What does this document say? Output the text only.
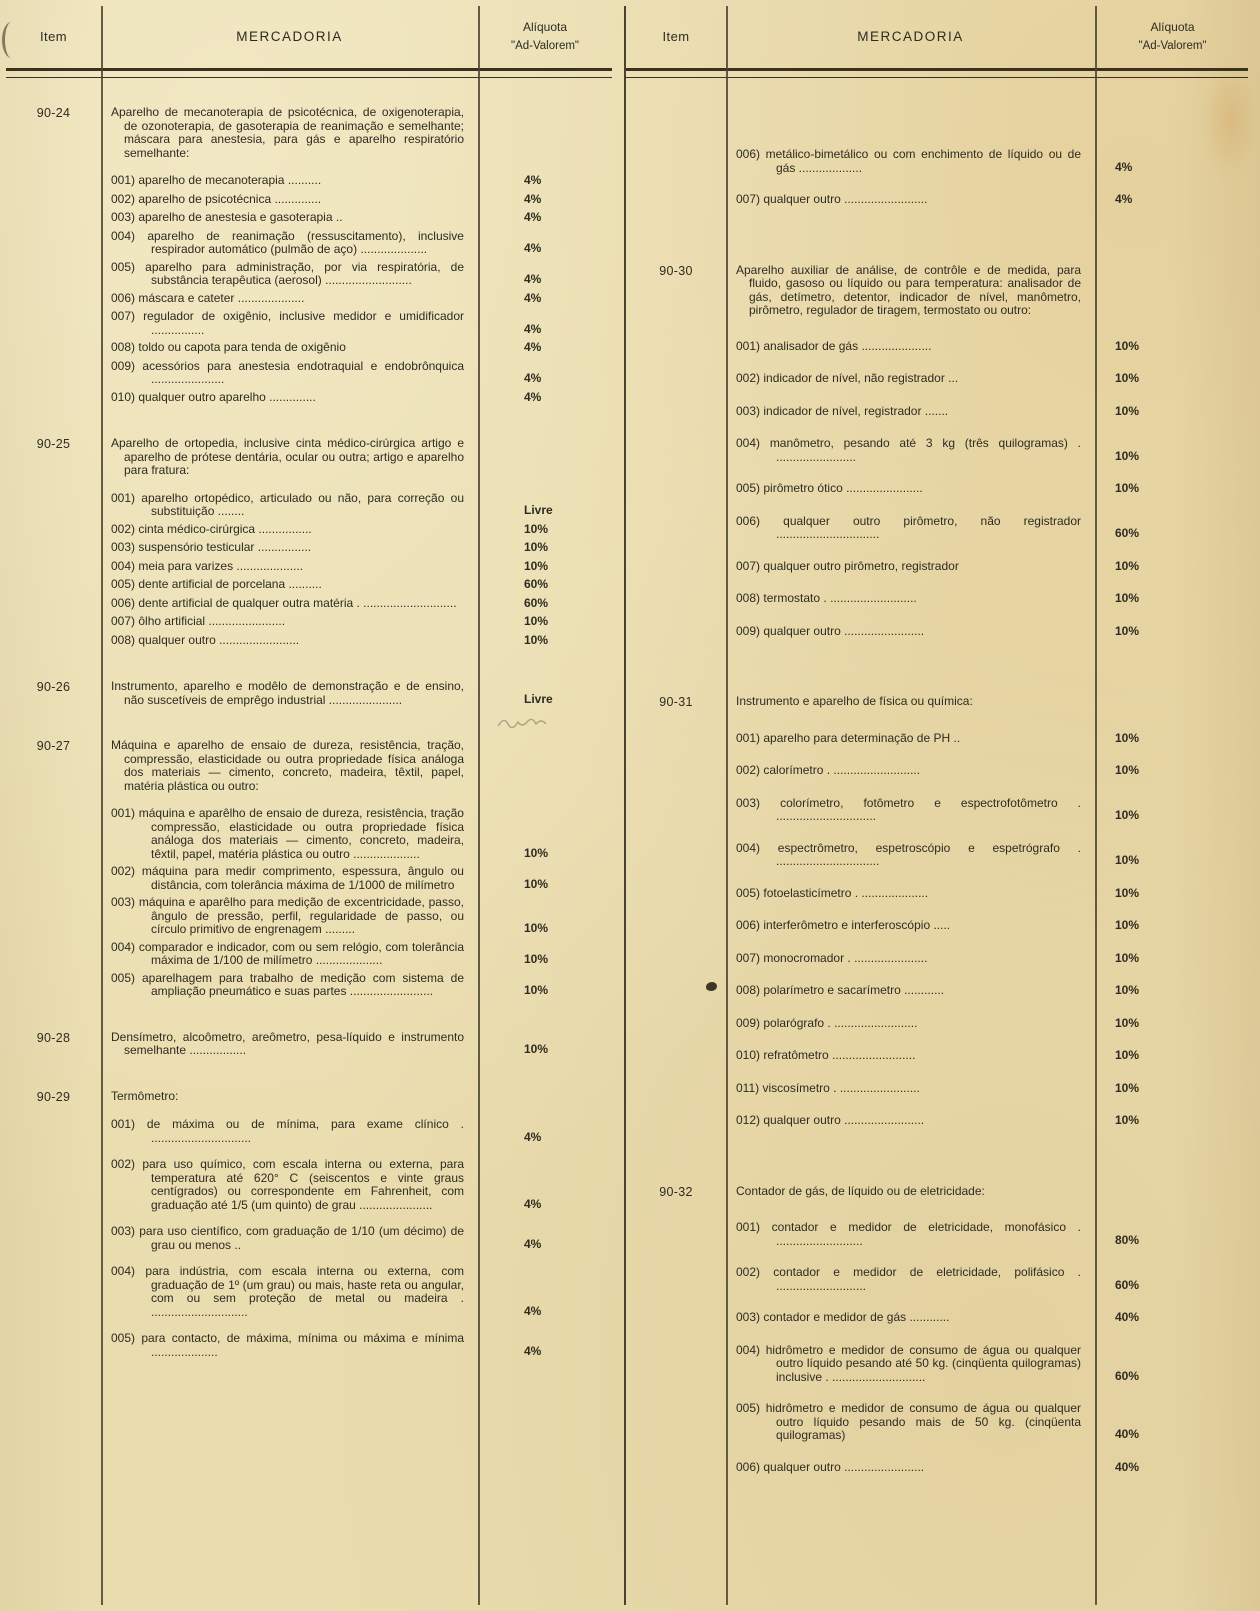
Item	MERCADORIA
Alíquota
"Ad-Valorem"
90-24	Aparelho de mecanoterapia de psicotécnica, de oxigenoterapia, de ozonoterapia, de gasoterapia de reanimação e semelhante; máscara para anestesia, para gás e aparelho respiratório semelhante:

001) aparelho de mecanoterapia ..........	4%

002) aparelho de psicotécnica ..............	4%

003) aparelho de anestesia e gasoterapia ..	4%

004) aparelho de reanimação (ressuscitamento), inclusive respirador automático (pulmão de aço) ....................	4%

005) aparelho para administração, por via respiratória, de substância terapêutica (aerosol) ..........................	4%

006) máscara e cateter ....................	4%

007) regulador de oxigênio, inclusive medidor e umidificador ................	4%

008) toldo ou capota para tenda de oxigênio	4%

009) acessórios para anestesia endotraquial e endobrônquica ......................	4%

010) qualquer outro aparelho ..............	4%
90-25	Aparelho de ortopedia, inclusive cinta médico-cirúrgica artigo e aparelho de prótese dentária, ocular ou outra; artigo e aparelho para fratura:

001) aparelho ortopédico, articulado ou não, para correção ou substituição ........	Livre

002) cinta médico-cirúrgica ................	10%

003) suspensório testicular ................	10%

004) meia para varizes ....................	10%

005) dente artificial de porcelana ..........	60%

006) dente artificial de qualquer outra matéria . ............................	60%

007) ôlho artificial .......................	10%

008) qualquer outro ........................	10%
90-26	Instrumento, aparelho e modêlo de demonstração e de ensino, não suscetíveis de emprêgo industrial ......................	Livre
90-27	Máquina e aparelho de ensaio de dureza, resistência, tração, compressão, elasticidade ou outra propriedade física análoga dos materiais — cimento, concreto, madeira, têxtil, papel, matéria plástica ou outro:

001) máquina e aparêlho de ensaio de dureza, resistência, tração compressão, elasticidade ou outra propriedade física análoga dos materiais — cimento, concreto, madeira, têxtil, papel, matéria plástica ou outro ....................	10%

002) máquina para medir comprimento, espessura, ângulo ou distância, com tolerância máxima de 1/1000 de milímetro	10%

003) máquina e aparêlho para medição de excentricidade, passo, ângulo de pressão, perfil, regularidade de passo, ou círculo primitivo de engrenagem .........	10%

004) comparador e indicador, com ou sem relógio, com tolerância máxima de 1/100 de milímetro ....................	10%

005) aparelhagem para trabalho de medição com sistema de ampliação pneumático e suas partes .........................	10%
90-28	Densímetro, alcoômetro, areômetro, pesa-líquido e instrumento semelhante .................	10%
90-29	Termômetro:

001) de máxima ou de mínima, para exame clínico . ..............................	4%

002) para uso químico, com escala interna ou externa, para temperatura até 620° C (seiscentos e vinte graus centígrados) ou correspondente em Fahrenheit, com graduação até 1/5 (um quinto) de grau ......................	4%

003) para uso científico, com graduação de 1/10 (um décimo) de grau ou menos ..	4%

004) para indústria, com escala interna ou externa, com graduação de 1º (um grau) ou mais, haste reta ou angular, com ou sem proteção de metal ou madeira . .............................	4%

005) para contacto, de máxima, mínima ou máxima e mínima ....................	4%
Item	MERCADORIA
Alíquota
"Ad-Valorem"

006) metálico-bimetálico ou com enchimento de líquido ou de gás ...................	4%

007) qualquer outro .........................	4%
90-30	Aparelho auxiliar de análise, de contrôle e de medida, para fluido, gasoso ou líquido ou para temperatura: analisador de gás, detímetro, detentor, indicador de nível, manômetro, pirômetro, regulador de tiragem, termostato ou outro:

001) analisador de gás .....................	10%

002) indicador de nível, não registrador ...	10%

003) indicador de nível, registrador .......	10%

004) manômetro, pesando até 3 kg (três quilogramas) . ........................	10%

005) pirômetro ótico .......................	10%

006) qualquer outro pirômetro, não registrador ...............................	60%

007) qualquer outro pirômetro, registrador	10%

008) termostato . ..........................	10%

009) qualquer outro ........................	10%
90-31	Instrumento e aparelho de física ou química:

001) aparelho para determinação de PH ..	10%

002) calorímetro . ..........................	10%

003) colorímetro, fotômetro e espectrofotômetro . ..............................	10%

004) espectrômetro, espetroscópio e espetrógrafo . ...............................	10%

005) fotoelasticímetro . ....................	10%

006) interferômetro e interferoscópio .....	10%

007) monocromador . ......................	10%

008) polarímetro e sacarímetro ............	10%

009) polarógrafo . .........................	10%

010) refratômetro .........................	10%

011) viscosímetro . ........................	10%

012) qualquer outro ........................	10%
90-32	Contador de gás, de líquido ou de eletricidade:

001) contador e medidor de eletricidade, monofásico . ..........................	80%

002) contador e medidor de eletricidade, polifásico . ...........................	60%

003) contador e medidor de gás ............	40%

004) hidrômetro e medidor de consumo de água ou qualquer outro líquido pesando até 50 kg. (cinqüenta quilogramas) inclusive . ............................	60%

005) hidrômetro e medidor de consumo de água ou qualquer outro líquido pesando mais de 50 kg. (cinqüenta quilogramas)	40%

006) qualquer outro ........................	40%
